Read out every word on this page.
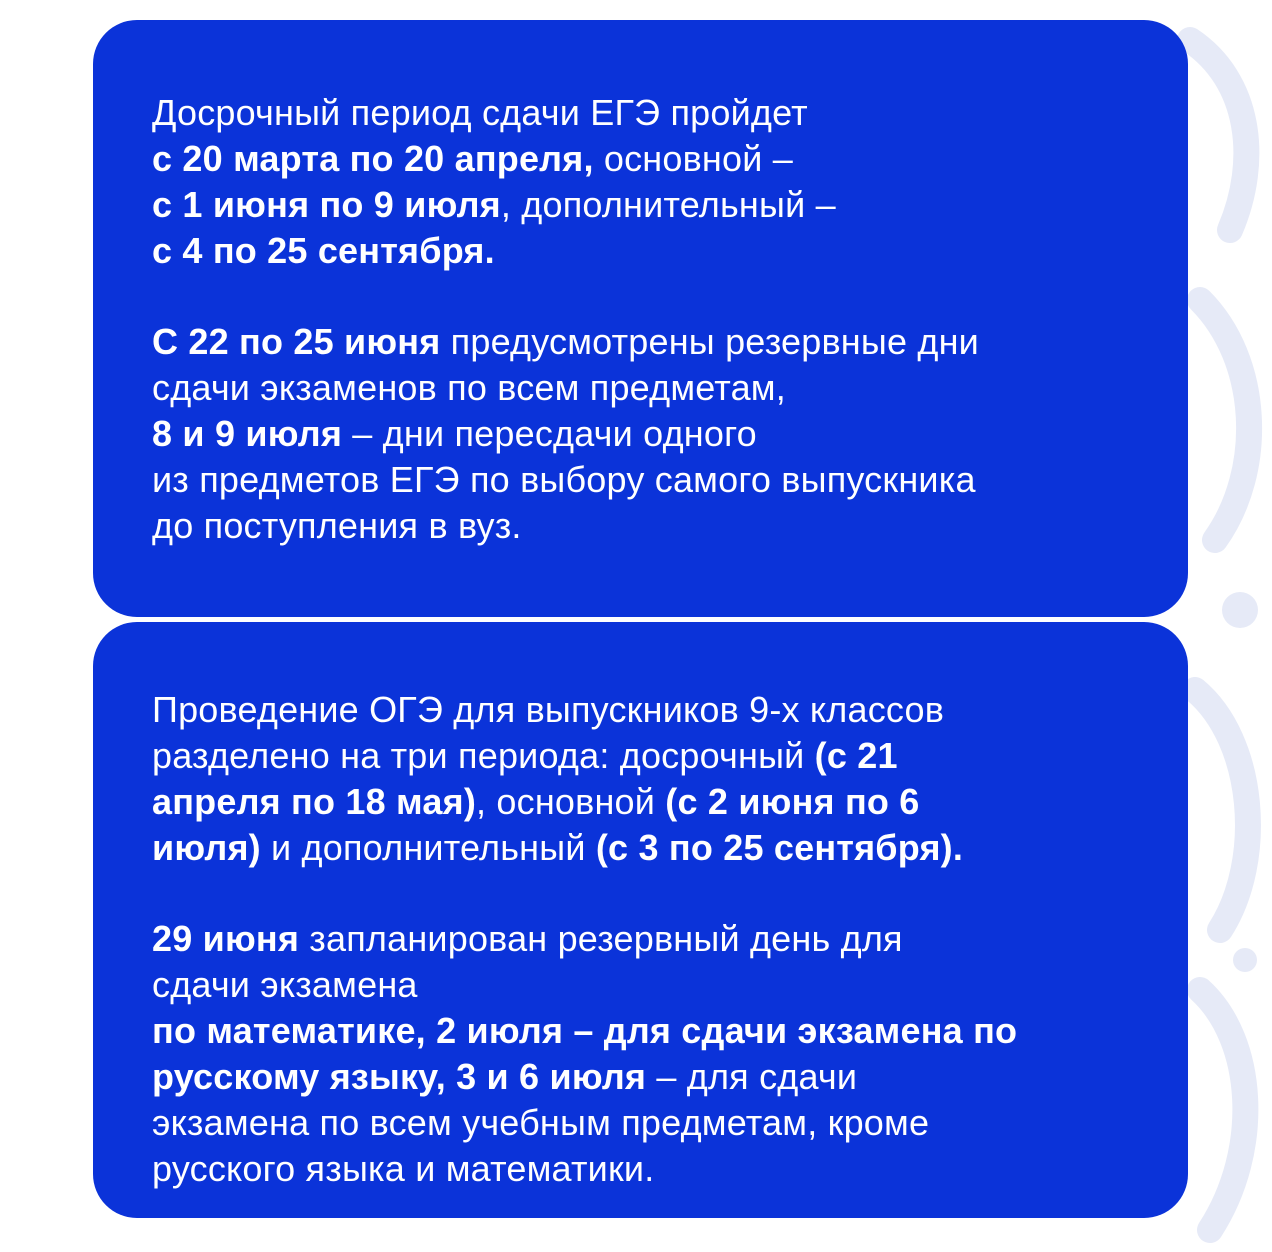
Досрочный период сдачи ЕГЭ пройдет
с 20 марта по 20 апреля, основной –
с 1 июня по 9 июля, дополнительный –
с 4 по 25 сентября.

С 22 по 25 июня предусмотрены резервные дни
сдачи экзаменов по всем предметам,
8 и 9 июля – дни пересдачи одного
из предметов ЕГЭ по выбору самого выпускника
до поступления в вуз.

Проведение ОГЭ для выпускников 9-х классов
разделено на три периода: досрочный (с 21
апреля по 18 мая), основной (с 2 июня по 6
июля) и дополнительный (с 3 по 25 сентября).

29 июня запланирован резервный день для
сдачи экзамена
по математике, 2 июля – для сдачи экзамена по
русскому языку, 3 и 6 июля – для сдачи
экзамена по всем учебным предметам, кроме
русского языка и математики.
